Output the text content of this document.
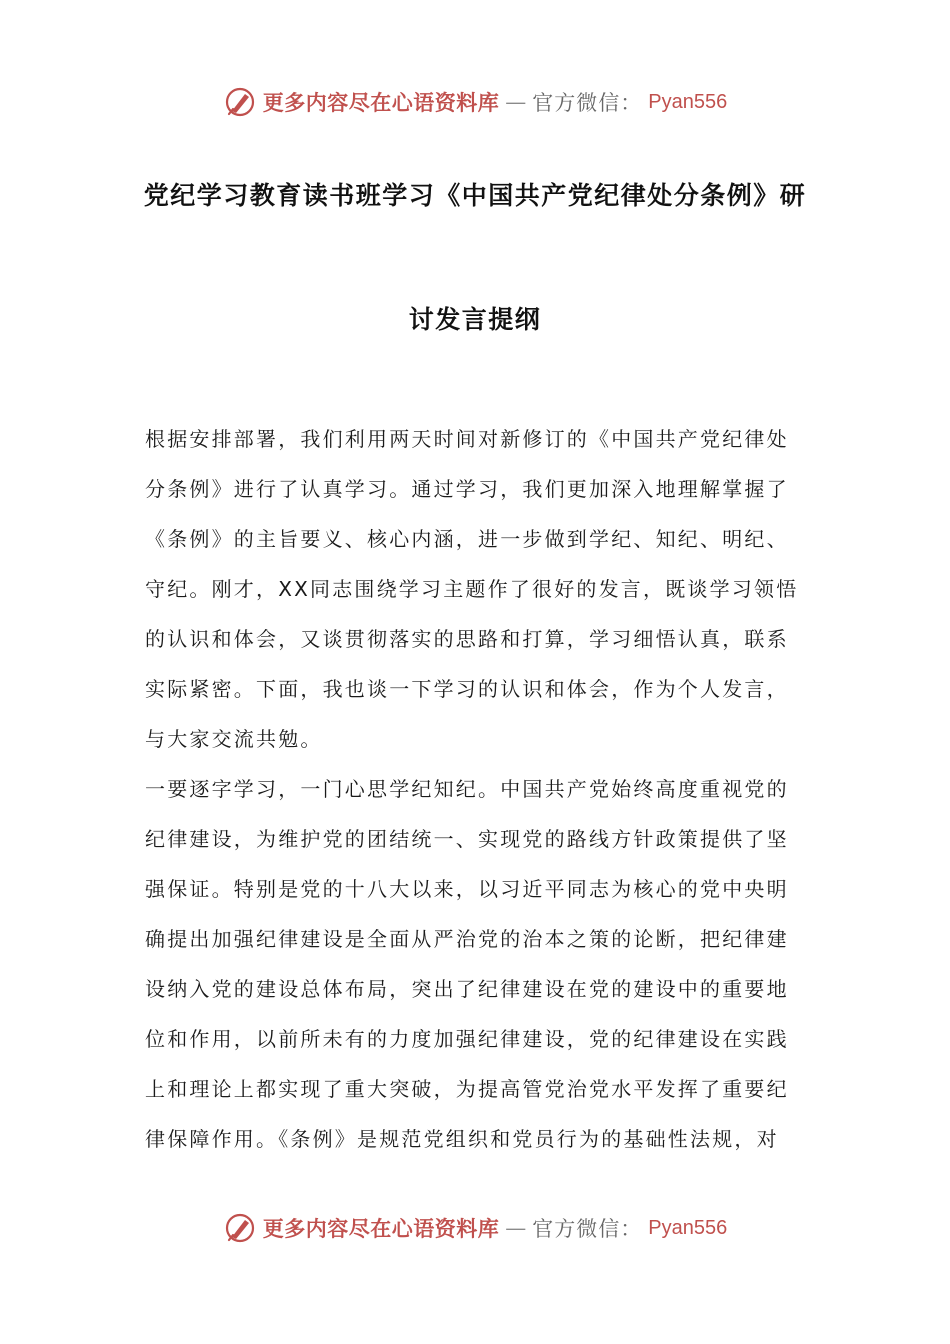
更多内容尽在心语资料库 — 官方微信： Pyan556
党纪学习教育读书班学习《中国共产党纪律处分条例》研
讨发言提纲

根据安排部署，我们利用两天时间对新修订的《中国共产党纪律处

分条例》进行了认真学习。通过学习，我们更加深入地理解掌握了

《条例》的主旨要义、核心内涵，进一步做到学纪、知纪、明纪、

守纪。刚才，XX同志围绕学习主题作了很好的发言，既谈学习领悟

的认识和体会，又谈贯彻落实的思路和打算，学习细悟认真，联系

实际紧密。下面，我也谈一下学习的认识和体会，作为个人发言，

与大家交流共勉。

一要逐字学习，一门心思学纪知纪。中国共产党始终高度重视党的

纪律建设，为维护党的团结统一、实现党的路线方针政策提供了坚

强保证。特别是党的十八大以来，以习近平同志为核心的党中央明

确提出加强纪律建设是全面从严治党的治本之策的论断，把纪律建

设纳入党的建设总体布局，突出了纪律建设在党的建设中的重要地

位和作用，以前所未有的力度加强纪律建设，党的纪律建设在实践

上和理论上都实现了重大突破，为提高管党治党水平发挥了重要纪

律保障作用。《条例》是规范党组织和党员行为的基础性法规，对

更多内容尽在心语资料库 — 官方微信： Pyan556
